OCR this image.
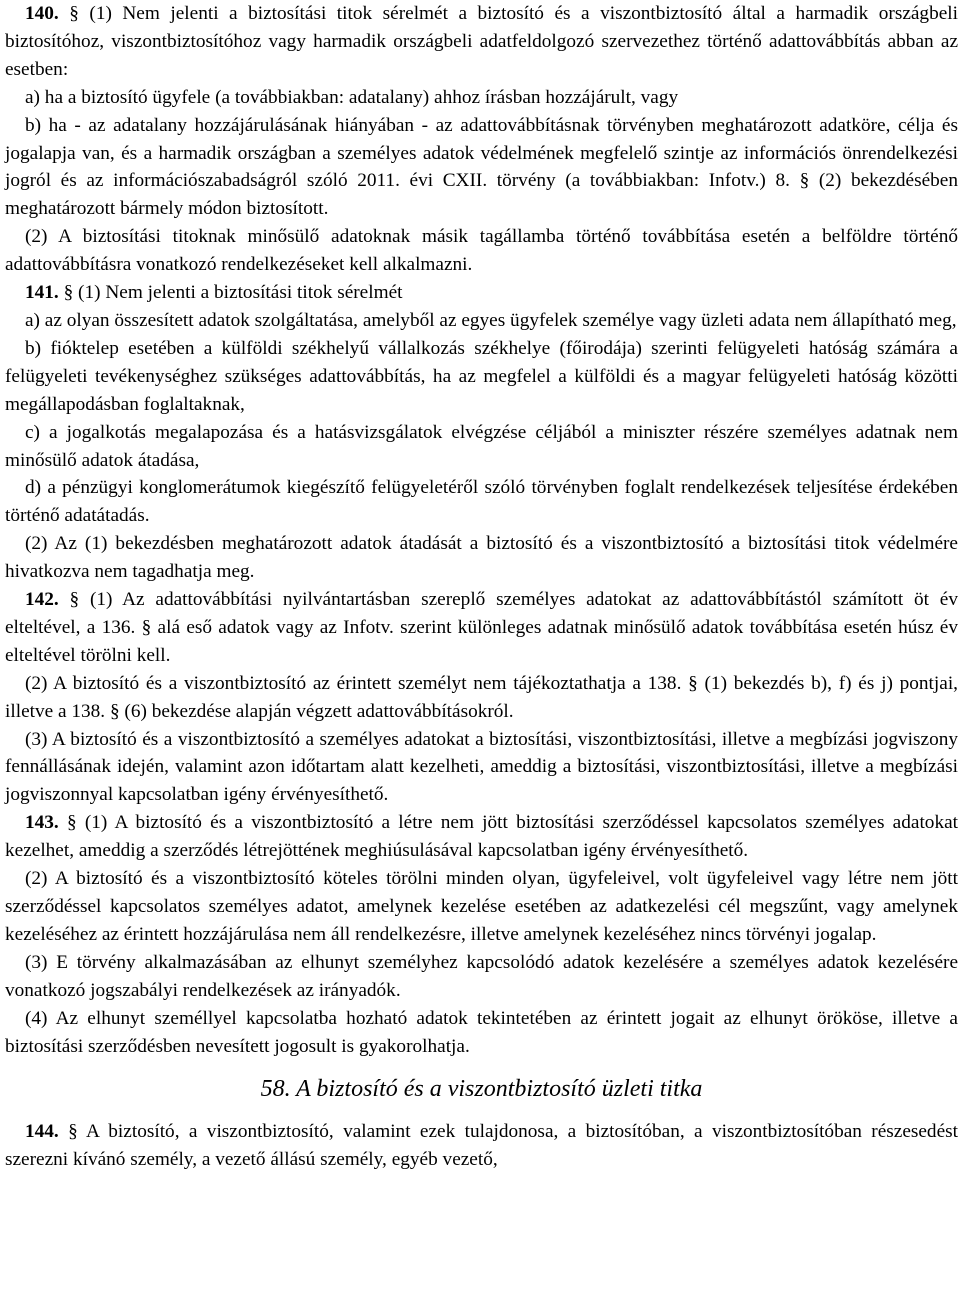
140. § (1) Nem jelenti a biztosítási titok sérelmét a biztosító és a viszontbiztosító által a harmadik országbeli biztosítóhoz, viszontbiztosítóhoz vagy harmadik országbeli adatfeldolgozó szervezethez történő adattovábbítás abban az esetben:

a) ha a biztosító ügyfele (a továbbiakban: adatalany) ahhoz írásban hozzájárult, vagy

b) ha - az adatalany hozzájárulásának hiányában - az adattovábbításnak törvényben meghatározott adatköre, célja és jogalapja van, és a harmadik országban a személyes adatok védelmének megfelelő szintje az információs önrendelkezési jogról és az információszabadságról szóló 2011. évi CXII. törvény (a továbbiakban: Infotv.) 8. § (2) bekezdésében meghatározott bármely módon biztosított.

(2) A biztosítási titoknak minősülő adatoknak másik tagállamba történő továbbítása esetén a belföldre történő adattovábbításra vonatkozó rendelkezéseket kell alkalmazni.

141. § (1) Nem jelenti a biztosítási titok sérelmét

a) az olyan összesített adatok szolgáltatása, amelyből az egyes ügyfelek személye vagy üzleti adata nem állapítható meg,

b) fióktelep esetében a külföldi székhelyű vállalkozás székhelye (főirodája) szerinti felügyeleti hatóság számára a felügyeleti tevékenységhez szükséges adattovábbítás, ha az megfelel a külföldi és a magyar felügyeleti hatóság közötti megállapodásban foglaltaknak,

c) a jogalkotás megalapozása és a hatásvizsgálatok elvégzése céljából a miniszter részére személyes adatnak nem minősülő adatok átadása,

d) a pénzügyi konglomerátumok kiegészítő felügyeletéről szóló törvényben foglalt rendelkezések teljesítése érdekében történő adatátadás.

(2) Az (1) bekezdésben meghatározott adatok átadását a biztosító és a viszontbiztosító a biztosítási titok védelmére hivatkozva nem tagadhatja meg.

142. § (1) Az adattovábbítási nyilvántartásban szereplő személyes adatokat az adattovábbítástól számított öt év elteltével, a 136. § alá eső adatok vagy az Infotv. szerint különleges adatnak minősülő adatok továbbítása esetén húsz év elteltével törölni kell.

(2) A biztosító és a viszontbiztosító az érintett személyt nem tájékoztathatja a 138. § (1) bekezdés b), f) és j) pontjai, illetve a 138. § (6) bekezdése alapján végzett adattovábbításokról.

(3) A biztosító és a viszontbiztosító a személyes adatokat a biztosítási, viszontbiztosítási, illetve a megbízási jogviszony fennállásának idején, valamint azon időtartam alatt kezelheti, ameddig a biztosítási, viszontbiztosítási, illetve a megbízási jogviszonnyal kapcsolatban igény érvényesíthető.

143. § (1) A biztosító és a viszontbiztosító a létre nem jött biztosítási szerződéssel kapcsolatos személyes adatokat kezelhet, ameddig a szerződés létrejöttének meghiúsulásával kapcsolatban igény érvényesíthető.

(2) A biztosító és a viszontbiztosító köteles törölni minden olyan, ügyfeleivel, volt ügyfeleivel vagy létre nem jött szerződéssel kapcsolatos személyes adatot, amelynek kezelése esetében az adatkezelési cél megszűnt, vagy amelynek kezeléséhez az érintett hozzájárulása nem áll rendelkezésre, illetve amelynek kezeléséhez nincs törvényi jogalap.

(3) E törvény alkalmazásában az elhunyt személyhez kapcsolódó adatok kezelésére a személyes adatok kezelésére vonatkozó jogszabályi rendelkezések az irányadók.

(4) Az elhunyt személlyel kapcsolatba hozható adatok tekintetében az érintett jogait az elhunyt örököse, illetve a biztosítási szerződésben nevesített jogosult is gyakorolhatja.

58. A biztosító és a viszontbiztosító üzleti titka

144. § A biztosító, a viszontbiztosító, valamint ezek tulajdonosa, a biztosítóban, a viszontbiztosítóban részesedést szerezni kívánó személy, a vezető állású személy, egyéb vezető,
